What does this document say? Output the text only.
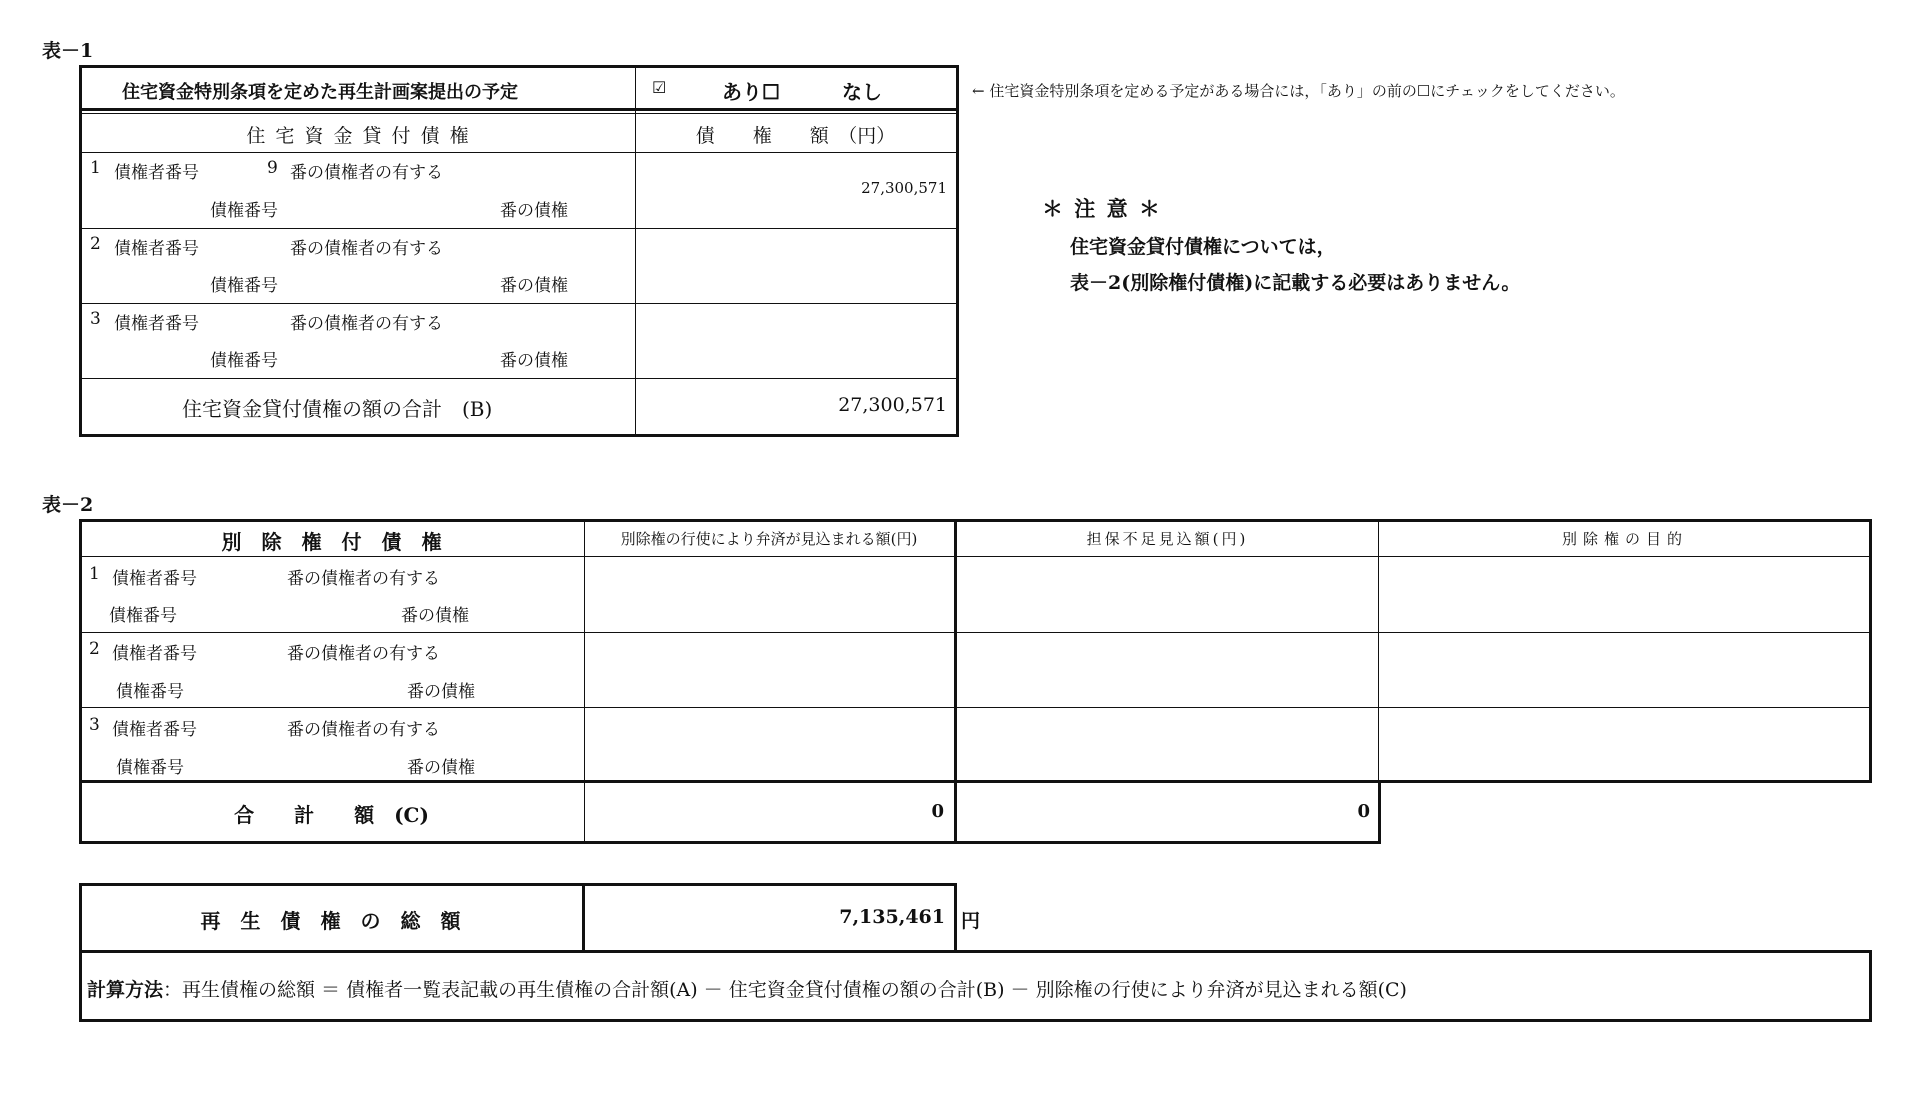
表－1
住宅資金特別条項を定めた再生計画案提出の予定	☑	あり☐	なし
住 宅 資 金 貸 付 債 権	債　　権　　額　（円）
1 債権者番号	9 番の債権者の有する
債権番号	番の債権
27,300,571
2 債権者番号	番の債権者の有する
債権番号	番の債権
3 債権者番号	番の債権者の有する
債権番号	番の債権
住宅資金貸付債権の額の合計　(B)	27,300,571
← 住宅資金特別条項を定める予定がある場合には，「あり」の前の☐にチェックをしてください。
＊ 注 意 ＊
住宅資金貸付債権については，
表－2(別除権付債権)に記載する必要はありません。
表－2
別　除　権　付　債　権	別除権の行使により弁済が見込まれる額(円)	担保不足見込額(円)	別除権の目的
1 債権者番号	番の債権者の有する
債権番号	番の債権
2 債権者番号	番の債権者の有する
債権番号	番の債権
3 債権者番号	番の債権者の有する
債権番号	番の債権
合　　計　　額　(C)	0	0
再　生　債　権　の　総　額	7,135,461 円
計算方法：再生債権の総額 ＝ 債権者一覧表記載の再生債権の合計額(A) － 住宅資金貸付債権の額の合計(B) － 別除権の行使により弁済が見込まれる額(C)
